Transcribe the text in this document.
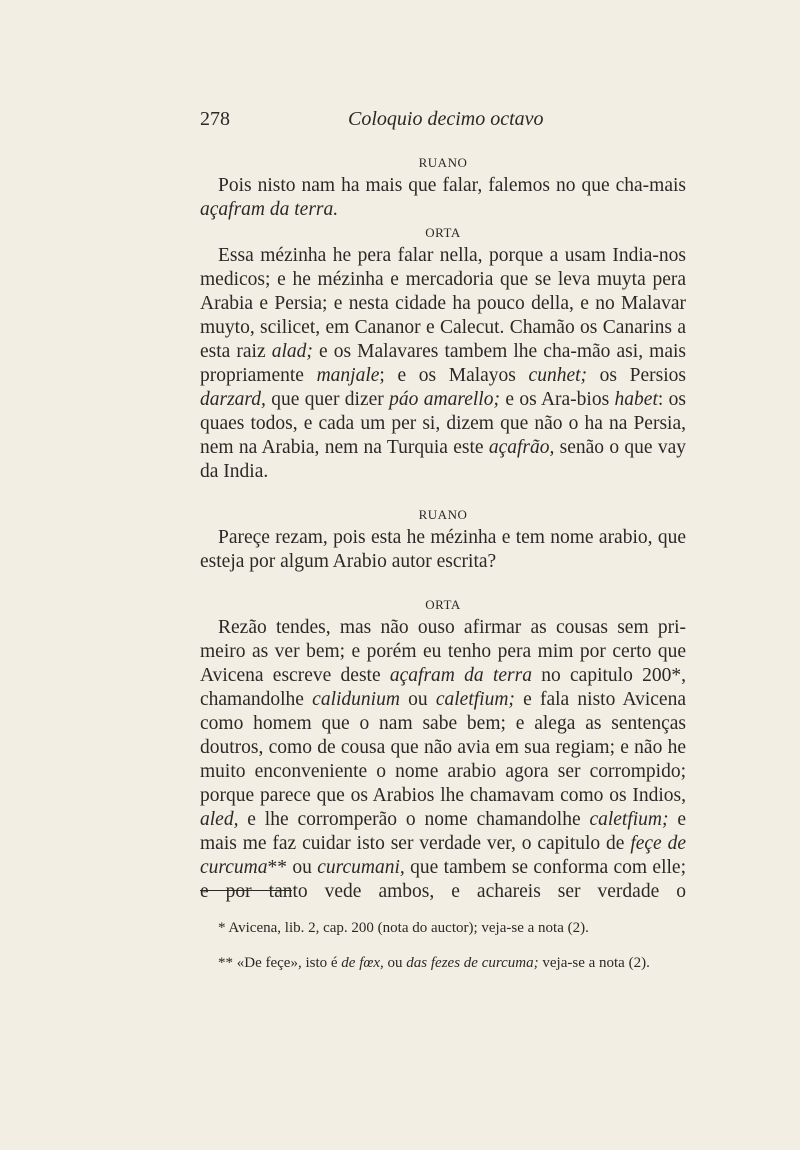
278	Coloquio decimo octavo
RUANO

Pois nisto nam ha mais que falar, falemos no que cha-mais açafram da terra.

ORTA

Essa mézinha he pera falar nella, porque a usam India-nos medicos; e he mézinha e mercadoria que se leva muyta pera Arabia e Persia; e nesta cidade ha pouco della, e no Malavar muyto, scilicet, em Cananor e Calecut. Chamão os Canarins a esta raiz alad; e os Malavares tambem lhe cha-mão asi, mais propriamente manjale; e os Malayos cunhet; os Persios darzard, que quer dizer páo amarello; e os Ara-bios habet: os quaes todos, e cada um per si, dizem que não o ha na Persia, nem na Arabia, nem na Turquia este açafrão, senão o que vay da India.

RUANO

Pareçe rezam, pois esta he mézinha e tem nome arabio, que esteja por algum Arabio autor escrita?

ORTA

Rezão tendes, mas não ouso afirmar as cousas sem pri-meiro as ver bem; e porém eu tenho pera mim por certo que Avicena escreve deste açafram da terra no capitulo 200*, chamandolhe calidunium ou caletfium; e fala nisto Avicena como homem que o nam sabe bem; e alega as sentenças doutros, como de cousa que não avia em sua regiam; e não he muito enconveniente o nome arabio agora ser corrompido; porque parece que os Arabios lhe chamavam como os Indios, aled, e lhe corromperão o nome chamandolhe caletfium; e mais me faz cuidar isto ser verdade ver, o capitulo de feçe de curcuma** ou curcumani, que tambem se conforma com elle; e por tanto vede ambos, e achareis ser verdade o

* Avicena, lib. 2, cap. 200 (nota do auctor); veja-se a nota (2).

** «De feçe», isto é de fœx, ou das fezes de curcuma; veja-se a nota (2).
